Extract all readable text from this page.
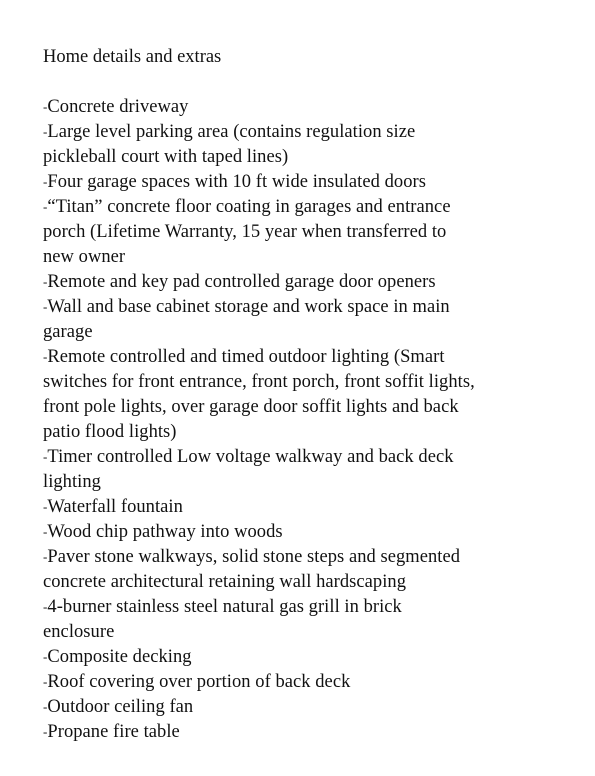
Home details and extras
-Concrete driveway
-Large level parking area (contains regulation size
pickleball court with taped lines)
-Four garage spaces with 10 ft wide insulated doors
-“Titan” concrete floor coating in garages and entrance
porch (Lifetime Warranty, 15 year when transferred to
new owner
-Remote and key pad controlled garage door openers
-Wall and base cabinet storage and work space in main
garage
-Remote controlled and timed outdoor lighting (Smart
switches for front entrance, front porch, front soffit lights,
front pole lights, over garage door soffit lights and back
patio flood lights)
-Timer controlled Low voltage walkway and back deck
lighting
-Waterfall fountain
-Wood chip pathway into woods
-Paver stone walkways, solid stone steps and segmented
concrete architectural retaining wall hardscaping
-4-burner stainless steel natural gas grill in brick
enclosure
-Composite decking
-Roof covering over portion of back deck
-Outdoor ceiling fan
-Propane fire table
